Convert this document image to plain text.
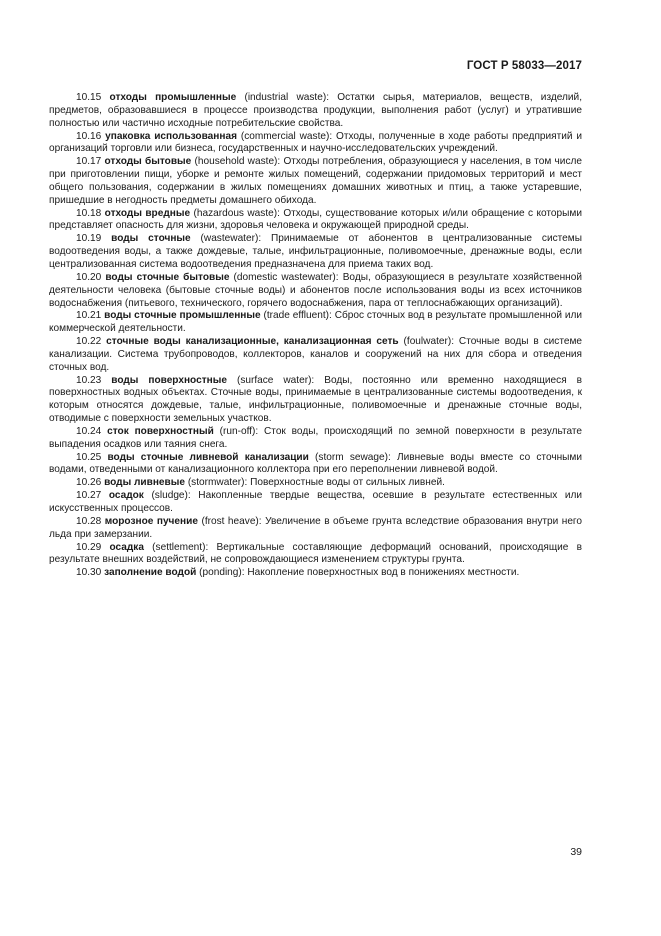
ГОСТ Р 58033—2017

10.15 отходы промышленные (industrial waste): Остатки сырья, материалов, веществ, изделий, предметов, образовавшиеся в процессе производства продукции, выполнения работ (услуг) и утратившие полностью или частично исходные потребительские свойства.

10.16 упаковка использованная (commercial waste): Отходы, полученные в ходе работы предприятий и организаций торговли или бизнеса, государственных и научно-исследовательских учреждений.

10.17 отходы бытовые (household waste): Отходы потребления, образующиеся у населения, в том числе при приготовлении пищи, уборке и ремонте жилых помещений, содержании придомовых территорий и мест общего пользования, содержании в жилых помещениях домашних животных и птиц, а также устаревшие, пришедшие в негодность предметы домашнего обихода.

10.18 отходы вредные (hazardous waste): Отходы, существование которых и/или обращение с которыми представляет опасность для жизни, здоровья человека и окружающей природной среды.

10.19 воды сточные (wastewater): Принимаемые от абонентов в централизованные системы водоотведения воды, а также дождевые, талые, инфильтрационные, поливомоечные, дренажные воды, если централизованная система водоотведения предназначена для приема таких вод.

10.20 воды сточные бытовые (domestic wastewater): Воды, образующиеся в результате хозяйственной деятельности человека (бытовые сточные воды) и абонентов после использования воды из всех источников водоснабжения (питьевого, технического, горячего водоснабжения, пара от теплоснабжающих организаций).

10.21 воды сточные промышленные (trade effluent): Сброс сточных вод в результате промышленной или коммерческой деятельности.

10.22 сточные воды канализационные, канализационная сеть (foulwater): Сточные воды в системе канализации. Система трубопроводов, коллекторов, каналов и сооружений на них для сбора и отведения сточных вод.

10.23 воды поверхностные (surface water): Воды, постоянно или временно находящиеся в поверхностных водных объектах. Сточные воды, принимаемые в централизованные системы водоотведения, к которым относятся дождевые, талые, инфильтрационные, поливомоечные и дренажные сточные воды, отводимые с поверхности земельных участков.

10.24 сток поверхностный (run-off): Сток воды, происходящий по земной поверхности в результате выпадения осадков или таяния снега.

10.25 воды сточные ливневой канализации (storm sewage): Ливневые воды вместе со сточными водами, отведенными от канализационного коллектора при его переполнении ливневой водой.

10.26 воды ливневые (stormwater): Поверхностные воды от сильных ливней.

10.27 осадок (sludge): Накопленные твердые вещества, осевшие в результате естественных или искусственных процессов.

10.28 морозное пучение (frost heave): Увеличение в объеме грунта вследствие образования внутри него льда при замерзании.

10.29 осадка (settlement): Вертикальные составляющие деформаций оснований, происходящие в результате внешних воздействий, не сопровождающиеся изменением структуры грунта.

10.30 заполнение водой (ponding): Накопление поверхностных вод в понижениях местности.

39
